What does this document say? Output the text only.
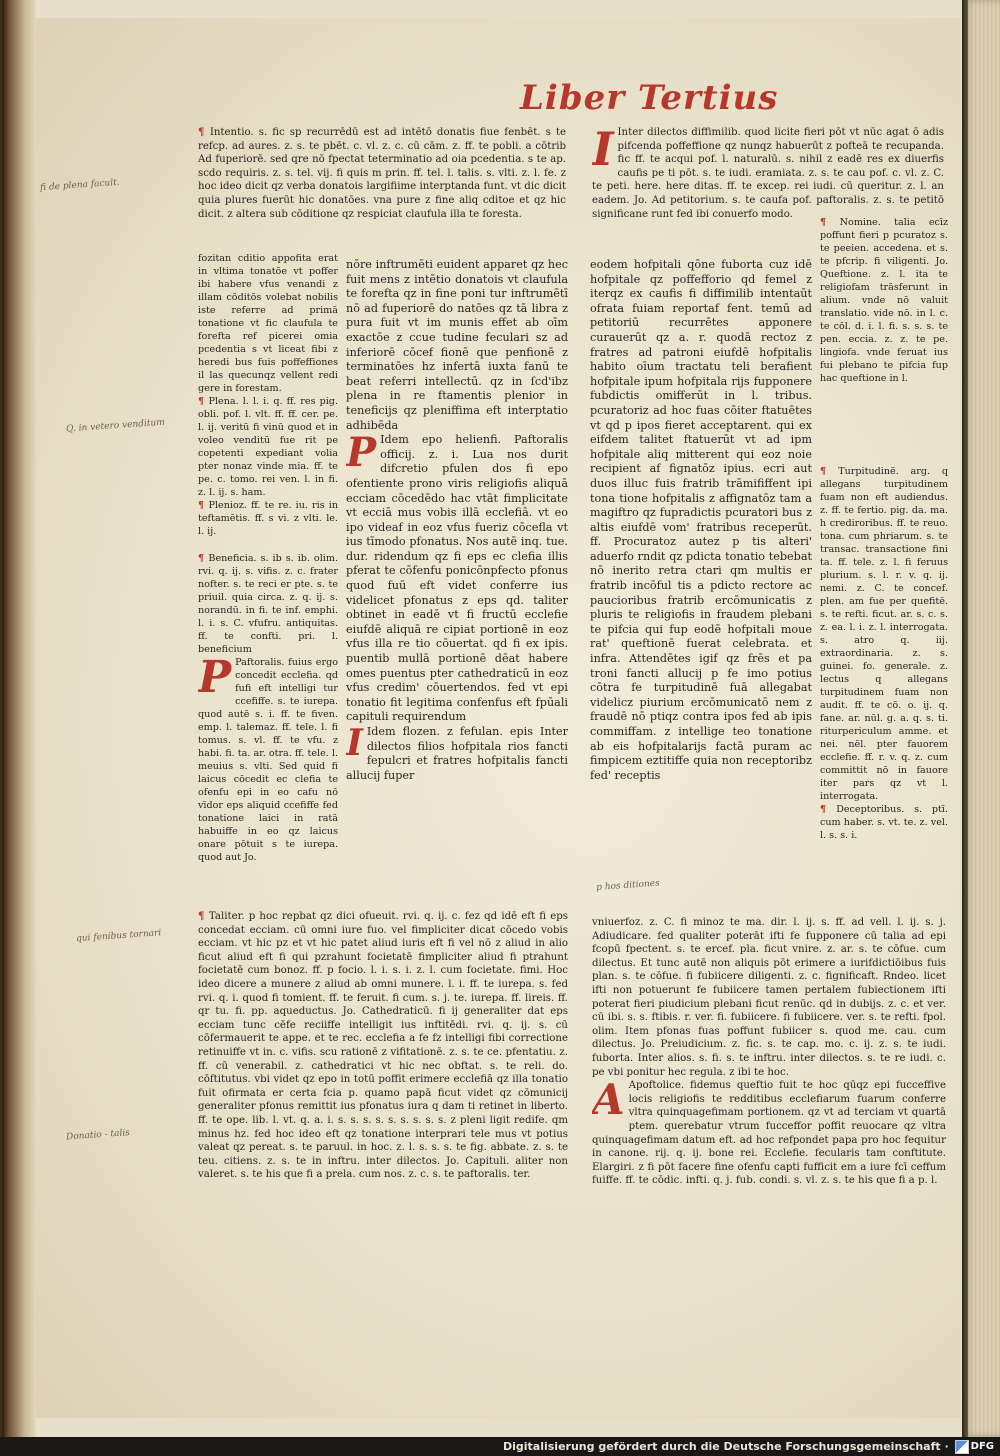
Liber Tertius
¶ Intentio. s. fic sp recurrēdū est ad intētō donatis fiue fenbēt. s te refcp. ad aures. z. s. te pbēt. c. vl. z. c. cū cām. z. ff. te pobli. a cōtrib Ad fuperiorē. sed qre nō fpectat teterminatio ad oia pcedentia. s te ap. scdo requiris. z. s. tel. vij. fi quis m prin. ff. tel. l. talis. s. vlti. z. l. fe. z hoc ideo dicit qz verba donatois largifiime interptanda funt. vt dic dicit quia plures fuerūt hic donatōes. vna pure z fine aliq cditoe et qz hic dicit. z altera sub cōditione qz respiciat claufula illa te foresta.

fozitan cditio appofita erat in vltima tonatōe vt poffer ibi habere vfus venandi z illam cōditōs volebat nobilis iste referre ad primā tonatione vt fic claufula te forefta ref picerei omia pcedentia s vt liceat fibi z heredi bus fuis poffeffiones il las quecunqz vellent redi gere in forestam.

¶ Plena. l. l. i. q. ff. res pig. obli. pof. l. vlt. ff. ff. cer. pe. l. ij. veritū fi vinū quod et in voleo venditū fue rit pe copetenti expediant volia pter nonaz vinde mia. ff. te pe. c. tomo. rei ven. l. in fi. z. l. ij. s. ham.

¶ Plenioz. ff. te re. iu. ris in teftamētis. ff. s vi. z vlti. le. l. ij.

¶ Beneficia. s. ib s. ib. olim. rvi. q. ij. s. vifis. z. c. frater nofter. s. te reci er pte. s. te priuil. quia circa. z. q. ij. s. norandū. in fi. te inf. emphi. l. i. s. C. vfufru. antiquitas. ff. te confti. pri. l. beneficium

P Paftoralis. fuius ergo concedit ecclefia. qd fufi eft intelligi tur ccefiffe. s. te iurepa. quod autē s. i. ff. te fiven. emp. l. talemaz. ff. tele. l. fi tomus. s. vl. ff. te vfu. z habi. fi. ta. ar. otra. ff. tele. l. meuius s. vlti. Sed quid fi laicus cōcedit ec clefia te ofenfu epi in eo cafu nō vīdor eps aliquid ccefiffe fed tonatione laici in ratā habuiffe in eo qz laicus onare pōtuit s te iurepa. quod aut Jo.

nōre inftrumēti euident apparet qz hec fuit mens z intētio donatois vt claufula te forefta qz in fine poni tur inftrumētī nō ad fuperiorē do natōes qz tā libra z pura fuit vt im munis effet ab oīm exactōe z ccue tudine feculari sz ad inferiorē cōcef fionē que penfionē z terminatōes hz infertā iuxta fanū te beat referri intellectū. qz in ſcd'ibz plena in re ftamentis plenior in teneficijs qz pleniffima eft interptatio adhibēda

P Idem epo helienfi. Paftoralis officij. z. i. Lua nos durit difcretio pfulen dos fi epo ofentiente prono viris religiofis aliquā ecciam cōcedēdo hac vtāt fimplicitate vt ecciā mus vobis illā ecclefiā. vt eo ipo videaf in eoz vfus fueriz cōcefla vt ius tīmodo pfonatus. Nos autē inq. tue. dur. ridendum qz fi eps ec clefia illis pferat te cōfenfu ponicōnpfecto pfonus quod fuū eft videt conferre ius videlicet pfonatus z eps qd. taliter obtinet in eadē vt fi fructū ecclefie eiufdē aliquā re cipiat portionē in eoz vfus illa re tio cōuertat. qd fi ex ipis. puentib mullā portionē dēat habere omes puentus pter cathedraticū in eoz vfus credim' cōuertendos. fed vt epi tonatio fit legitima confenfus eft fpūali capituli requirendum

I Idem flozen. z fefulan. epis Inter dilectos filios hofpitala rios fancti fepulcri et fratres hofpitalis fancti allucij fuper

I Inter dilectos diffimilib. quod licite fieri pōt vt nūc agat ō adis pifcenda poffeffione qz nunqz habuerūt z pofteā te recupanda. fic ff. te acqui pof. l. naturalū. s. nihil z eadē res ex diuerfis caufis pe ti pōt. s. te iudi. eramiata. z. s. te cau pof. c. vl. z. C. te peti. here. here ditas. ff. te excep. rei iudi. cū queritur. z. l. an eadem. Jo. Ad petitorium. s. te caufa pof. paftoralis. z. s. te petitō significane runt fed ibi conuerfo modo.
eodem hofpitali qōne fuborta cuz idē hofpitale qz poffefforio qd femel z iterqz ex caufis fi diffimilib intentaūt ofrata fuiam reportaf fent. temū ad petitoriū recurrētes apponere curauerūt qz a. r. quodā rectoz z fratres ad patroni eiufdē hofpitalis habito oīum tractatu teli berafient hofpitale ipum hofpitala rijs fupponere fubdictis omifferūt in l. tribus. pcuratoriz ad hoc fuas cōiter ftatuētes vt qd p ipos fieret acceptarent. qui ex eifdem talitet ftatuerūt vt ad ipm hofpitale aliq mitterent qui eoz noie recipient af fignatōz ipius. ecri aut duos illuc fuis fratrib trāmififfent ipi tona tione hofpitalis z affignatōz tam a magiftro qz fupradictis pcuratori bus z altis eiufdē vom' fratribus receperūt. ff. Procuratoz autez p tis alteri' aduerfo rndit qz pdicta tonatio tebebat nō inerito retra ctari qm multis er fratrib incōful tis a pdicto rectore ac paucioribus fratrib ercōmunicatis z pluris te religiofis in fraudem plebani te pifcia qui fup eodē hofpitali moue rat' queftionē fuerat celebrata. et infra. Attendētes igif qz frēs et pa troni fancti allucij p fe imo potius cōtra fe turpitudinē fuā allegabat videlicz piurium ercōmunicatō nem z fraudē nō ptiqz contra ipos fed ab ipis commiffam. z intellige teo tonatione ab eis hofpitalarijs factā puram ac fimpicem eztitiffe quia non receptoribz fed' receptis

¶ Nomine. talia ecīz poffunt fieri p pcuratoz s. te peeien. accedena. et s. te pfcrip. fi viligenti. Jo. Queftione. z. l. ita te religiofam trāsferunt in alium. vnde nō valuit translatio. vide nō. in l. c. te cōl. d. i. l. fi. s. s. s. te pen. eccia. z. z. te pe. lingiofa. vnde feruat ius fui plebano te pifcia fup hac queftione in l.

¶ Turpitudinē. arg. q allegans turpitudinem fuam non eft audiendus. z. ff. te fertio. pig. da. ma. h crediroribus. ff. te reuo. tona. cum phriarum. s. te transac. transactione fini ta. ff. tele. z. l. fi feruus plurium. s. l. r. v. q. ij. nemi. z. C. te concef. plen. am fue per quefitē. s. te refti. ficut. ar. s. c. s. z. ea. l. i. z. l. interrogata. s. atro q. iij. extraordinaria. z. s. guinei. fo. generale. z. lectus q allegans turpitudinem fuam non audit. ff. te cō. o. ij. q. fane. ar. nūl. g. a. q. s. ti. riturpericulum amme. et nei. nēl. pter fauorem ecclefie. ff. r. v. q. z. cum committit nō in fauore iter pars qz vt l. interrogata.

¶ Deceptoribus. s. ptī. cum haber. s. vt. te. z. vel. l. s. s. i.

¶ Taliter. p hoc repbat qz dici ofueuit. rvi. q. ij. c. fez qd idē eft fi eps concedat ecciam. cū omni iure fuo. vel fimpliciter dicat cōcedo vobis ecciam. vt hic pz et vt hic patet aliud iuris eft fi vel nō z aliud in alio ficut aliud eft fi qui pzrahunt focietatē fimpliciter aliud fi ptrahunt focietatē cum bonoz. ff. p focio. l. i. s. i. z. l. cum focietate. fimi. Hoc ideo dicere a munere z aliud ab omni munere. l. i. ff. te iurepa. s. fed rvi. q. i. quod fi tomient. ff. te feruit. fi cum. s. j. te. iurepa. ff. lireis. ff. qr tu. fi. pp. aqueductus. Jo. Cathedraticū. fi ij generaliter dat eps ecciam tunc cēfe reciiffe intelligit ius inftitēdi. rvi. q. ij. s. cū cōfermauerit te appe. et te rec. ecclefia a fe fz intelligi fibi correctione retinuiffe vt in. c. vifis. scu rationē z vifitationē. z. s. te ce. pfentatiu. z. ff. cū venerabil. z. cathedratici vt hic nec obftat. s. te reli. do. cōftitutus. vbi videt qz epo in totū poffit erimere ecclefiā qz illa tonatio fuit ofirmata er certa fcia p. quamo papā ficut videt qz cōmunicij generaliter pfonus remittit ius pfonatus iura q dam ti retinet in liberto. ff. te ope. lib. l. vt. q. a. i. s. s. s. s. s. s. s. s. s. z pleni ligit redife. qm minus hz. fed hoc ideo eft qz tonatione interprari tele mus vt potius valeat qz pereat. s. te paruul. in hoc. z. l. s. s. s. te fig. abbate. z. s. te teu. citiens. z. s. te in inftru. inter dilectos. Jo. Capituli. aliter non valeret. s. te his que fi a prela. cum nos. z. c. s. te paftoralis. ter.

vniuerfoz. z. C. fi minoz te ma. dir. l. ij. s. ff. ad vell. l. ij. s. j. Adiudicare. fed qualiter poterāt ifti fe fupponere cū talia ad epi fcopū fpectent. s. te ercef. pla. ficut vnire. z. ar. s. te cōfue. cum dilectus. Et tunc autē non aliquis pōt erimere a iurifdictiōibus fuis plan. s. te cōfue. fi fubiicere diligenti. z. c. fignificaft. Rndeo. licet ifti non potuerunt fe fubiicere tamen pertalem fubiectionem ifti poterat fieri piudicium plebani ficut renūc. qd in dubijs. z. c. et ver. cū ibi. s. s. ftibis. r. ver. fi. fubiicere. fi fubiicere. ver. s. te refti. fpol. olim. Item pfonas fuas poffunt fubiicer s. quod me. cau. cum dilectus. Jo. Preiudicium. z. fic. s. te cap. mo. c. ij. z. s. te iudi. fuborta. Inter alios. s. fi. s. te inftru. inter dilectos. s. te re iudi. c. pe vbi ponitur hec regula. z ibi te hoc.

A Apoftolice. fidemus queftio fuit te hoc qūqz epi fucceffive locis religiofis te redditibus ecclefiarum fuarum conferre vltra quinquagefimam portionem. qz vt ad terciam vt quartā ptem. querebatur vtrum fucceffor poffit reuocare qz vltra quinquagefimam datum eft. ad hoc refpondet papa pro hoc fequitur in canone. rij. q. ij. bone rei. Ecclefie. fecularis tam conftitute. Elargiri. z fi pōt facere fine ofenfu capti fufficit em a iure fcī ceffum fuiffe. ff. te cōdic. infti. q. j. fub. condi. s. vl. z. s. te his que fi a p. l.

fi de plena facult.
Q. in vetero venditum
Donatio - talis
qui fenibus tornari
p hos ditiones
Digitalisierung gefördert durch die Deutsche Forschungsgemeinschaft · DFG
